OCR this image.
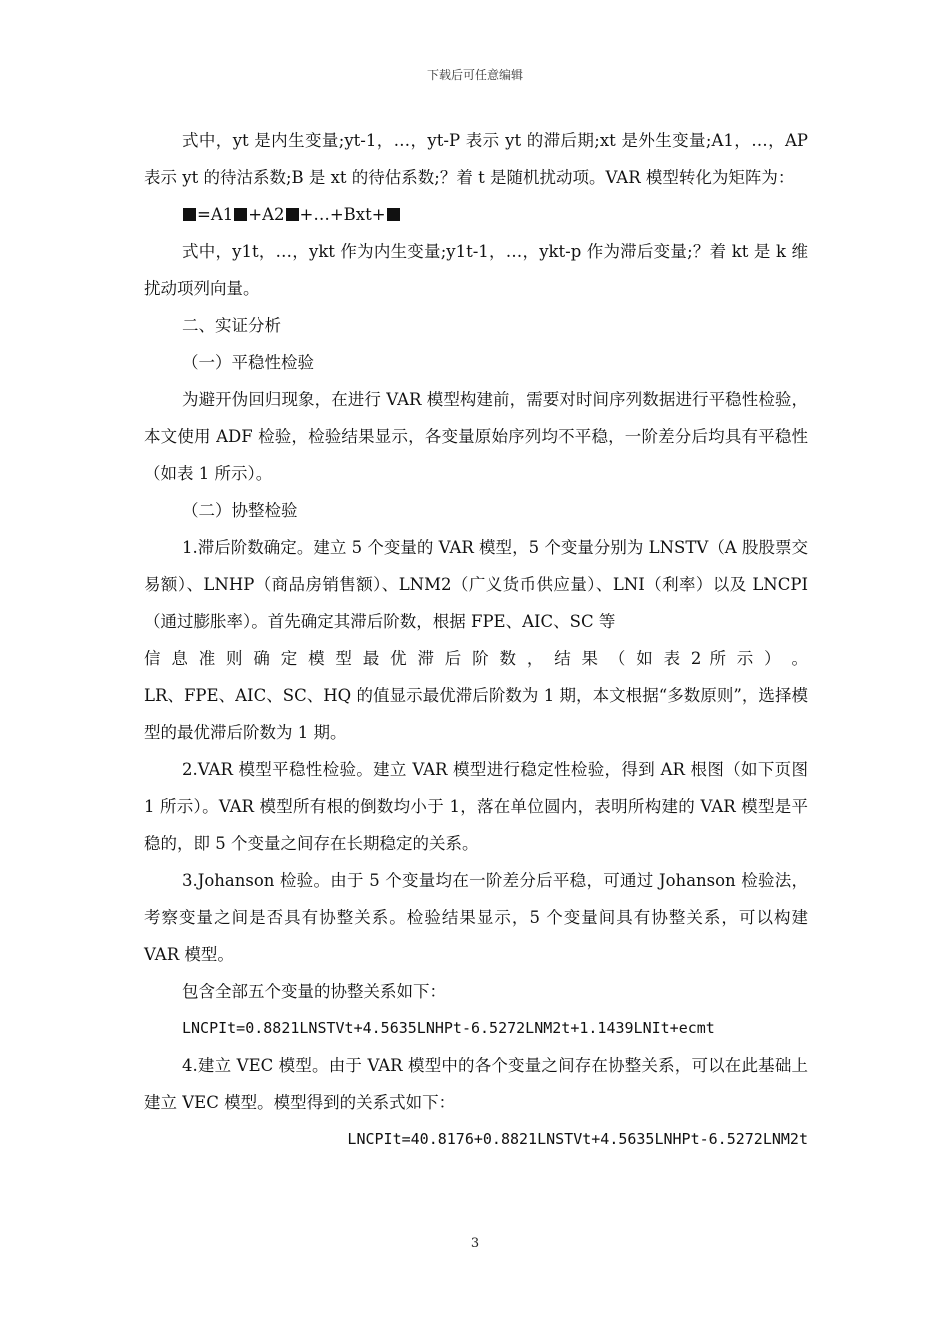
下载后可任意编辑

式中，yt 是内生变量;yt-1，…，yt-P 表示 yt 的滞后期;xt 是外生变量;A1，…，AP 表示 yt 的待沽系数;B 是 xt 的待估系数;？着 t 是随机扰动项。VAR 模型转化为矩阵为：

=A1 +A2 +…+Bxt+

式中，y1t，…，ykt 作为内生变量;y1t-1，…，ykt-p 作为滞后变量;？着 kt 是 k 维扰动项列向量。

二、实证分析

（一）平稳性检验

为避开伪回归现象，在进行 VAR 模型构建前，需要对时间序列数据进行平稳性检验，本文使用 ADF 检验，检验结果显示，各变量原始序列均不平稳，一阶差分后均具有平稳性（如表 1 所示）。

（二）协整检验

1.滞后阶数确定。建立 5 个变量的 VAR 模型，5 个变量分别为 LNSTV（A 股股票交易额）、LNHP（商品房销售额）、LNM2（广义货币供应量）、LNI（利率）以及 LNCPI（通过膨胀率）。首先确定其滞后阶数，根据 FPE、AIC、SC 等

信 息 准 则 确 定 模 型 最 优 滞 后 阶 数 ， 结 果 （ 如 表 2 所 示 ） 。

LR、FPE、AIC、SC、HQ 的值显示最优滞后阶数为 1 期，本文根据“多数原则”，选择模型的最优滞后阶数为 1 期。

2.VAR 模型平稳性检验。建立 VAR 模型进行稳定性检验，得到 AR 根图（如下页图 1 所示）。VAR 模型所有根的倒数均小于 1，落在单位圆内，表明所构建的 VAR 模型是平稳的，即 5 个变量之间存在长期稳定的关系。

3.Johanson 检验。由于 5 个变量均在一阶差分后平稳，可通过 Johanson 检验法，考察变量之间是否具有协整关系。检验结果显示，5 个变量间具有协整关系，可以构建 VAR 模型。

包含全部五个变量的协整关系如下：

LNCPIt=0.8821LNSTVt+4.5635LNHPt-6.5272LNM2t+1.1439LNIt+ecmt

4.建立 VEC 模型。由于 VAR 模型中的各个变量之间存在协整关系，可以在此基础上建立 VEC 模型。模型得到的关系式如下：

LNCPIt=40.8176+0.8821LNSTVt+4.5635LNHPt-6.5272LNM2t

3
